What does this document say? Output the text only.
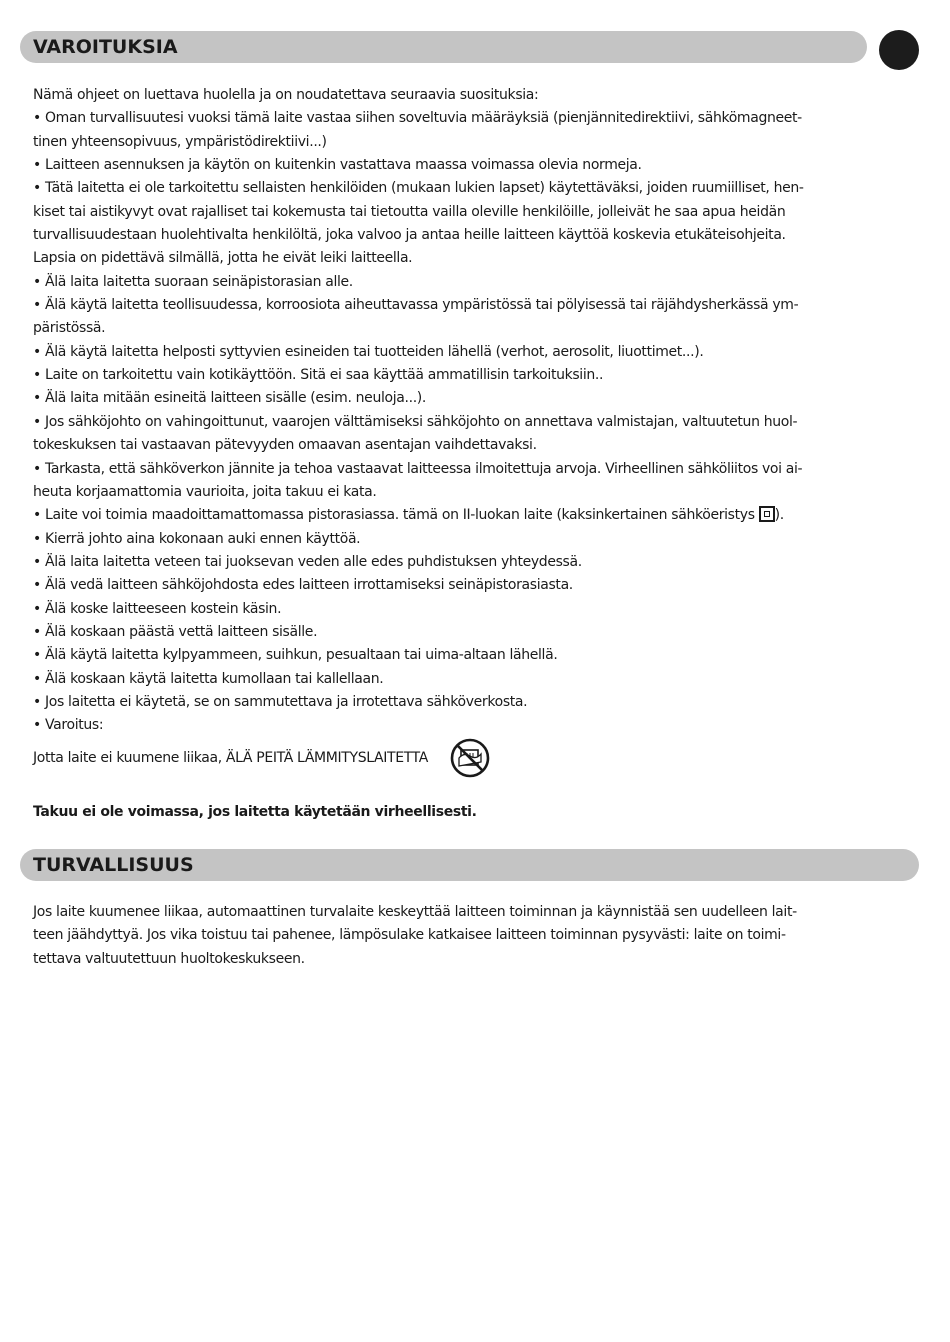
VAROITUKSIA
Nämä ohjeet on luettava huolella ja on noudatettava seuraavia suosituksia:
• Oman turvallisuutesi vuoksi tämä laite vastaa siihen soveltuvia määräyksiä (pienjännitedirektiivi, sähkömagneet-
tinen yhteensopivuus, ympäristödirektiivi...)
• Laitteen asennuksen ja käytön on kuitenkin vastattava maassa voimassa olevia normeja.
• Tätä laitetta ei ole tarkoitettu sellaisten henkilöiden (mukaan lukien lapset) käytettäväksi, joiden ruumiilliset, hen-
kiset tai aistikyvyt ovat rajalliset tai kokemusta tai tietoutta vailla oleville henkilöille, jolleivät he saa apua heidän
turvallisuudestaan huolehtivalta henkilöltä, joka valvoo ja antaa heille laitteen käyttöä koskevia etukäteisohjeita.
Lapsia on pidettävä silmällä, jotta he eivät leiki laitteella.
• Älä laita laitetta suoraan seinäpistorasian alle.
• Älä käytä laitetta teollisuudessa, korroosiota aiheuttavassa ympäristössä tai pölyisessä tai räjähdysherkässä ym-
päristössä.
• Älä käytä laitetta helposti syttyvien esineiden tai tuotteiden lähellä (verhot, aerosolit, liuottimet...).
• Laite on tarkoitettu vain kotikäyttöön. Sitä ei saa käyttää ammatillisin tarkoituksiin..
• Älä laita mitään esineitä laitteen sisälle (esim. neuloja...).
• Jos sähköjohto on vahingoittunut, vaarojen välttämiseksi sähköjohto on annettava valmistajan, valtuutetun huol-
tokeskuksen tai vastaavan pätevyyden omaavan asentajan vaihdettavaksi.
• Tarkasta, että sähköverkon jännite ja tehoa vastaavat laitteessa ilmoitettuja arvoja. Virheellinen sähköliitos voi ai-
heuta korjaamattomia vaurioita, joita takuu ei kata.
• Laite voi toimia maadoittamattomassa pistorasiassa. tämä on II-luokan laite (kaksinkertainen sähköeristys ).
• Kierrä johto aina kokonaan auki ennen käyttöä.
• Älä laita laitetta veteen tai juoksevan veden alle edes puhdistuksen yhteydessä.
• Älä vedä laitteen sähköjohdosta edes laitteen irrottamiseksi seinäpistorasiasta.
• Älä koske laitteeseen kostein käsin.
• Älä koskaan päästä vettä laitteen sisälle.
• Älä käytä laitetta kylpyammeen, suihkun, pesualtaan tai uima-altaan lähellä.
• Älä koskaan käytä laitetta kumollaan tai kallellaan.
• Jos laitetta ei käytetä, se on sammutettava ja irrotettava sähköverkosta.
• Varoitus:
Jotta laite ei kuumene liikaa, ÄLÄ PEITÄ LÄMMITYSLAITETTA
Takuu ei ole voimassa, jos laitetta käytetään virheellisesti.
TURVALLISUUS
Jos laite kuumenee liikaa, automaattinen turvalaite keskeyttää laitteen toiminnan ja käynnistää sen uudelleen lait-
teen jäähdyttyä. Jos vika toistuu tai pahenee, lämpösulake katkaisee laitteen toiminnan pysyvästi: laite on toimi-
tettava valtuutettuun huoltokeskukseen.
